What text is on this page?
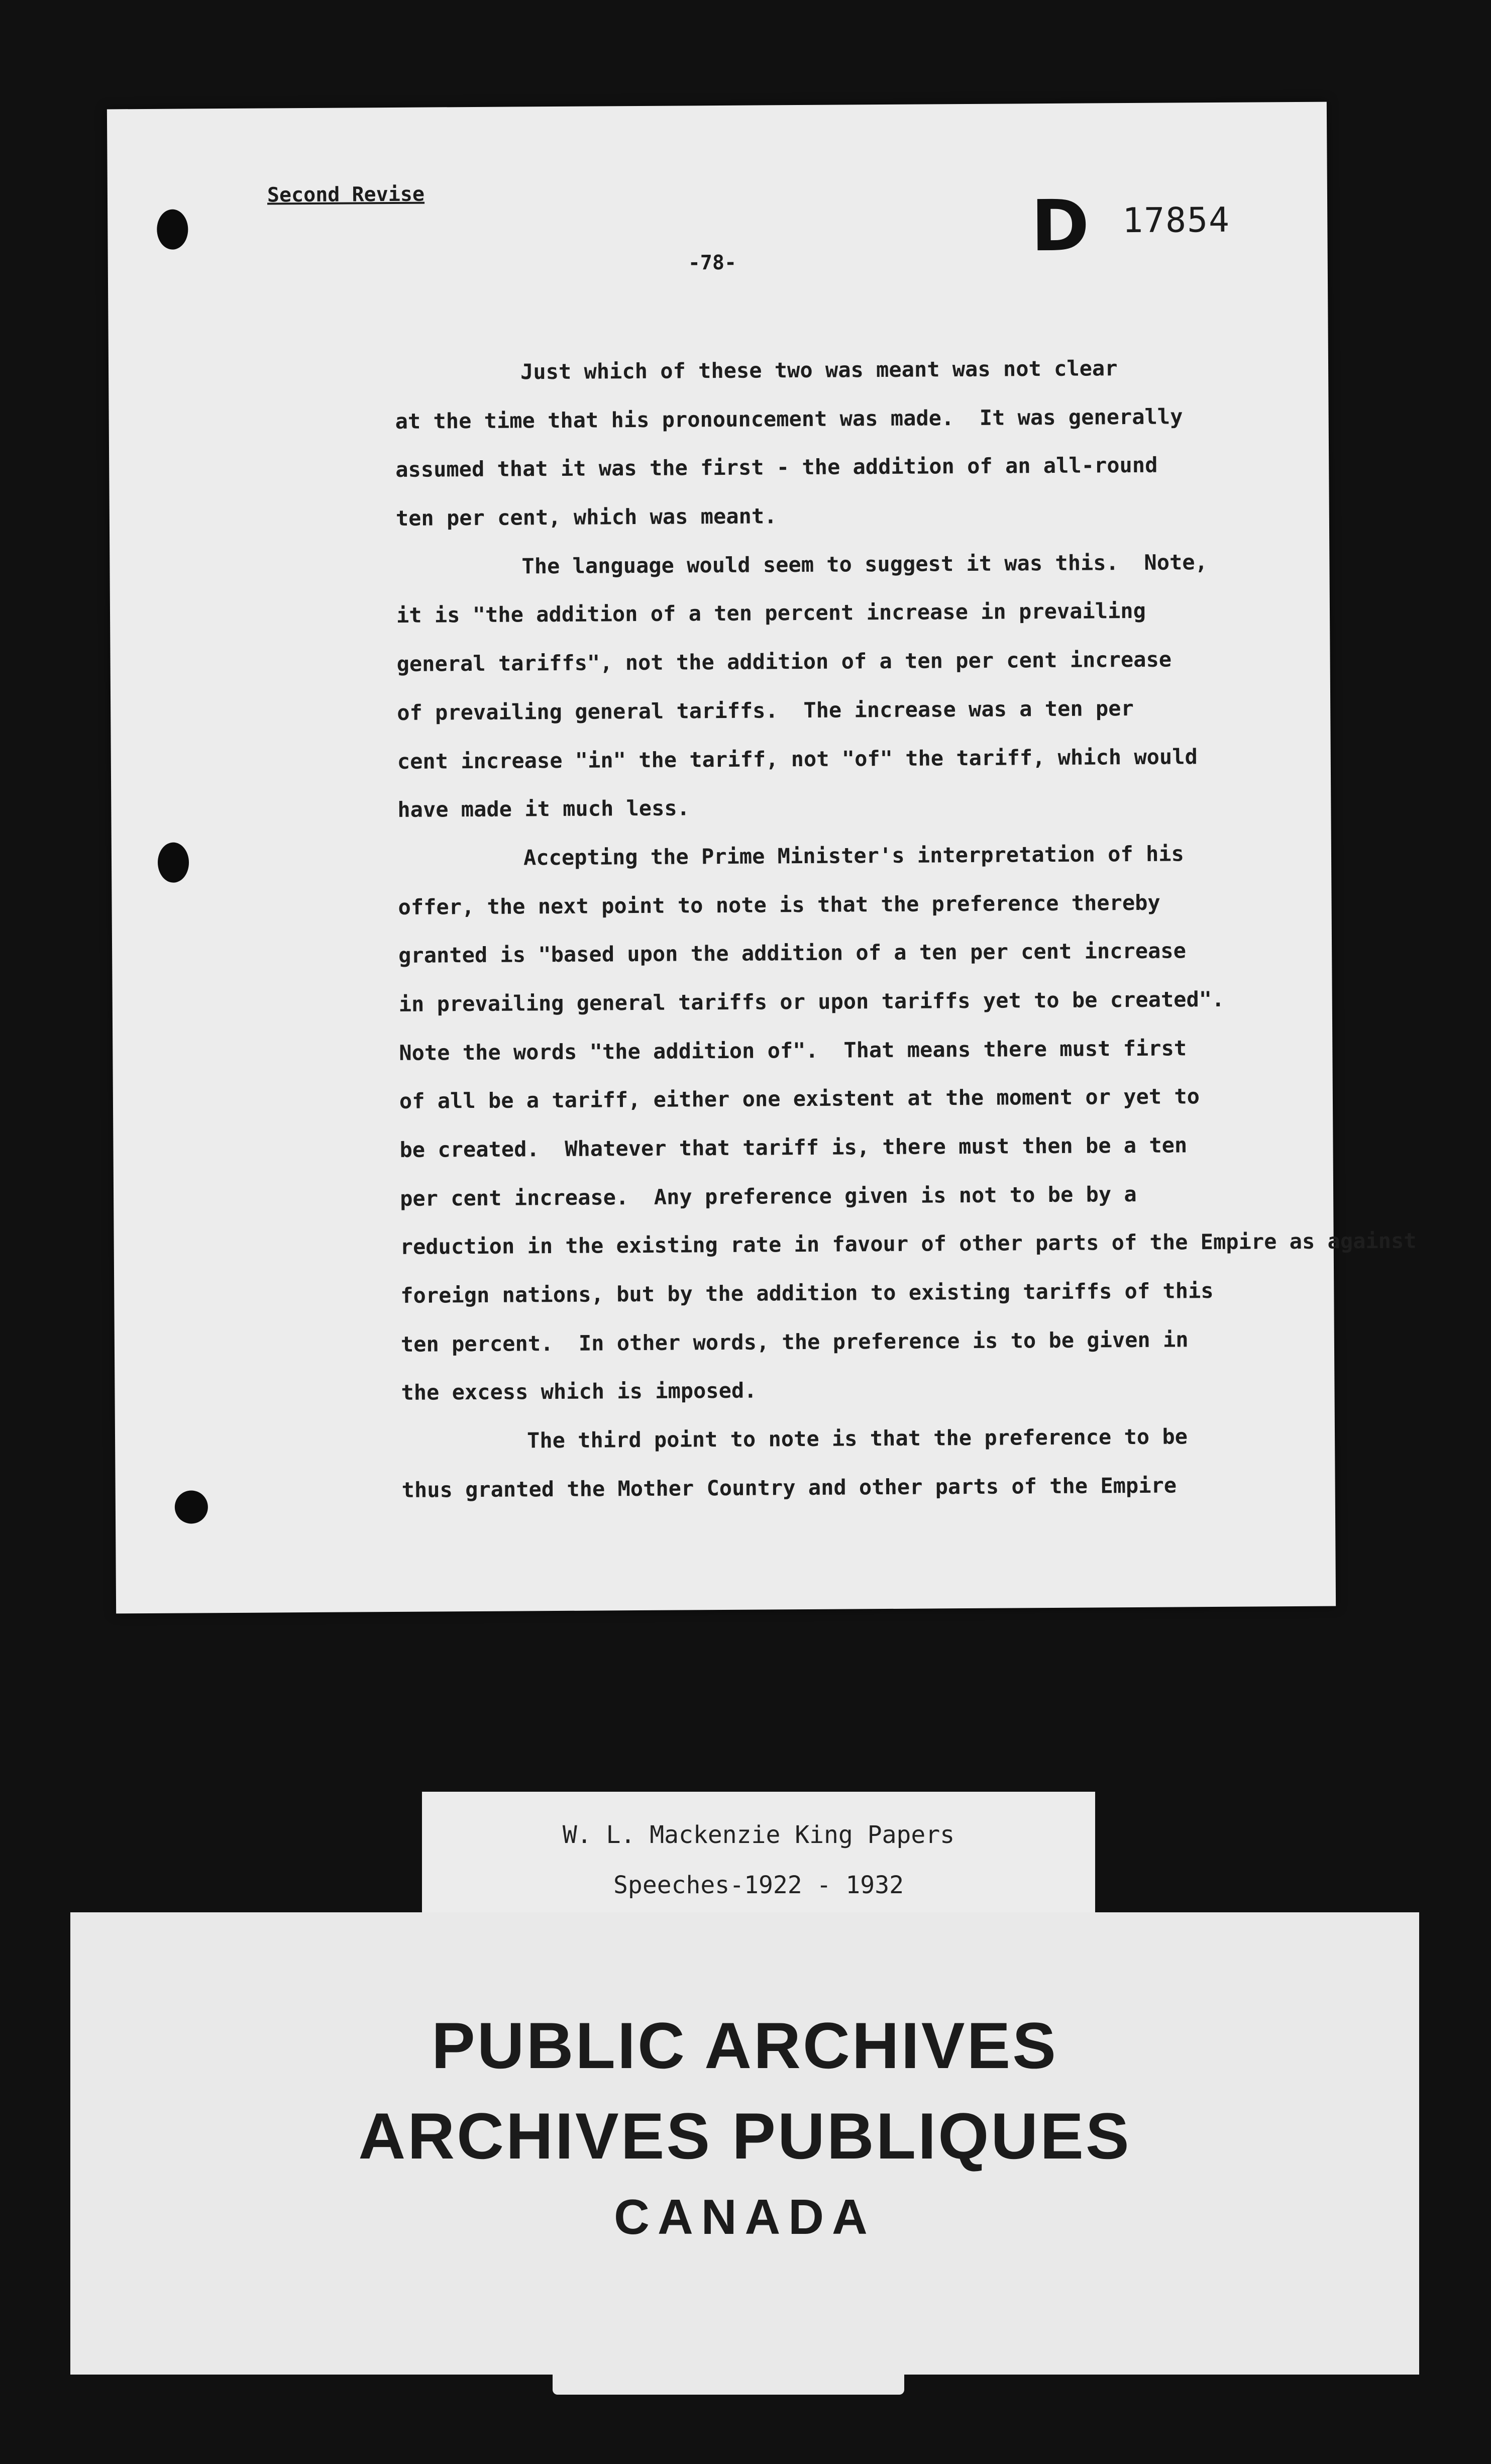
Second Revise	D 17854
-78-
Just which of these two was meant was not clear
at the time that his pronouncement was made.  It was generally
assumed that it was the first - the addition of an all-round
ten per cent, which was meant.
The language would seem to suggest it was this.  Note,
it is "the addition of a ten percent increase in prevailing
general tariffs", not the addition of a ten per cent increase
of prevailing general tariffs.  The increase was a ten per
cent increase "in" the tariff, not "of" the tariff, which would
have made it much less.
Accepting the Prime Minister's interpretation of his
offer, the next point to note is that the preference thereby
granted is "based upon the addition of a ten per cent increase
in prevailing general tariffs or upon tariffs yet to be created".
Note the words "the addition of".  That means there must first
of all be a tariff, either one existent at the moment or yet to
be created.  Whatever that tariff is, there must then be a ten
per cent increase.  Any preference given is not to be by a
reduction in the existing rate in favour of other parts of the Empire as against
foreign nations, but by the addition to existing tariffs of this
ten percent.  In other words, the preference is to be given in
the excess which is imposed.
The third point to note is that the preference to be
thus granted the Mother Country and other parts of the Empire
W. L. Mackenzie King Papers
Speeches-1922 - 1932
PUBLIC ARCHIVES
ARCHIVES PUBLIQUES
CANADA
